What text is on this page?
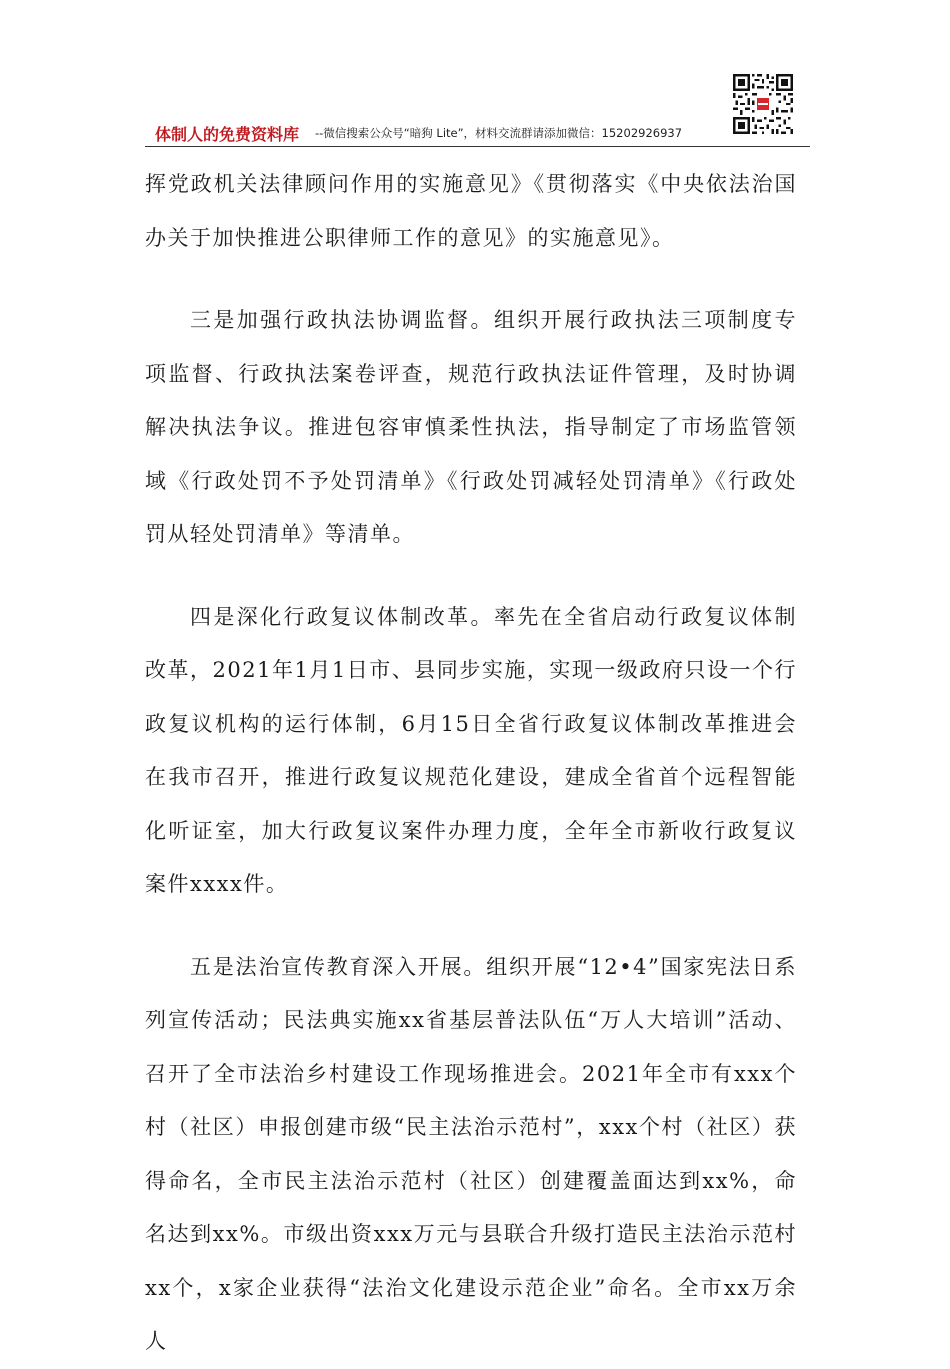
体制人的免费资料库 --微信搜索公众号“暗狗 Lite”，材料交流群请添加微信：15202926937

挥党政机关法律顾问作用的实施意见》《贯彻落实《中央依法治国办关于加快推进公职律师工作的意见》的实施意见》。

三是加强行政执法协调监督。组织开展行政执法三项制度专项监督、行政执法案卷评查，规范行政执法证件管理，及时协调解决执法争议。推进包容审慎柔性执法，指导制定了市场监管领域《行政处罚不予处罚清单》《行政处罚减轻处罚清单》《行政处罚从轻处罚清单》等清单。

四是深化行政复议体制改革。率先在全省启动行政复议体制改革，2021年1月1日市、县同步实施，实现一级政府只设一个行政复议机构的运行体制，6月15日全省行政复议体制改革推进会在我市召开，推进行政复议规范化建设，建成全省首个远程智能化听证室，加大行政复议案件办理力度，全年全市新收行政复议案件xxxx件。

五是法治宣传教育深入开展。组织开展“12•4”国家宪法日系列宣传活动；民法典实施xx省基层普法队伍“万人大培训”活动、召开了全市法治乡村建设工作现场推进会。2021年全市有xxx个村（社区）申报创建市级“民主法治示范村”，xxx个村（社区）获得命名，全市民主法治示范村（社区）创建覆盖面达到xx%，命名达到xx%。市级出资xxx万元与县联合升级打造民主法治示范村xx个，x家企业获得“法治文化建设示范企业”命名。全市xx万余人
